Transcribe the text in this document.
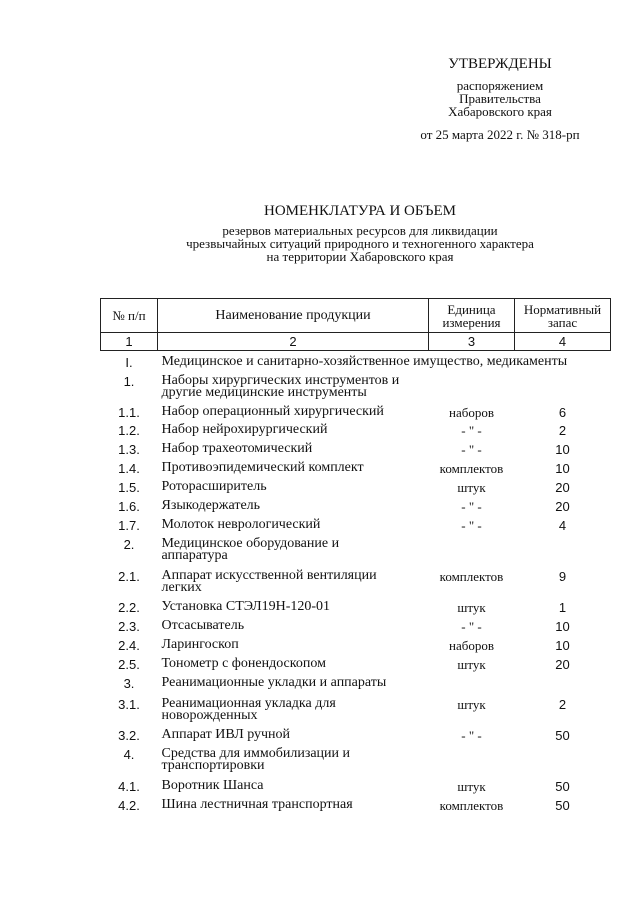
УТВЕРЖДЕНЫ
распоряжением
Правительства
Хабаровского края
от 25 марта 2022 г. № 318-рп
НОМЕНКЛАТУРА И ОБЪЕМ
резервов материальных ресурсов для ликвидации
чрезвычайных ситуаций природного и техногенного характера
на территории Хабаровского края
№ п/п	Наименование продукции	Единица измерения	Нормативный запас
1	2	3	4
I.	Медицинское и санитарно-хозяйственное имущество, медикаменты		
1.	Наборы хирургических инструментов и другие медицинские инструменты		
1.1.	Набор операционный хирургический	наборов	6
1.2.	Набор нейрохирургический	- " -	2
1.3.	Набор трахеотомический	- " -	10
1.4.	Противоэпидемический комплект	комплектов	10
1.5.	Роторасширитель	штук	20
1.6.	Языкодержатель	- " -	20
1.7.	Молоток неврологический	- " -	4
2.	Медицинское оборудование и аппаратура		
2.1.	Аппарат искусственной вентиляции легких	комплектов	9
2.2.	Установка СТЭЛ19Н-120-01	штук	1
2.3.	Отсасыватель	- " -	10
2.4.	Ларингоскоп	наборов	10
2.5.	Тонометр с фонендоскопом	штук	20
3.	Реанимационные укладки и аппараты		
3.1.	Реанимационная укладка для новорожденных	штук	2
3.2.	Аппарат ИВЛ ручной	- " -	50
4.	Средства для иммобилизации и транспортировки		
4.1.	Воротник Шанса	штук	50
4.2.	Шина лестничная транспортная	комплектов	50
